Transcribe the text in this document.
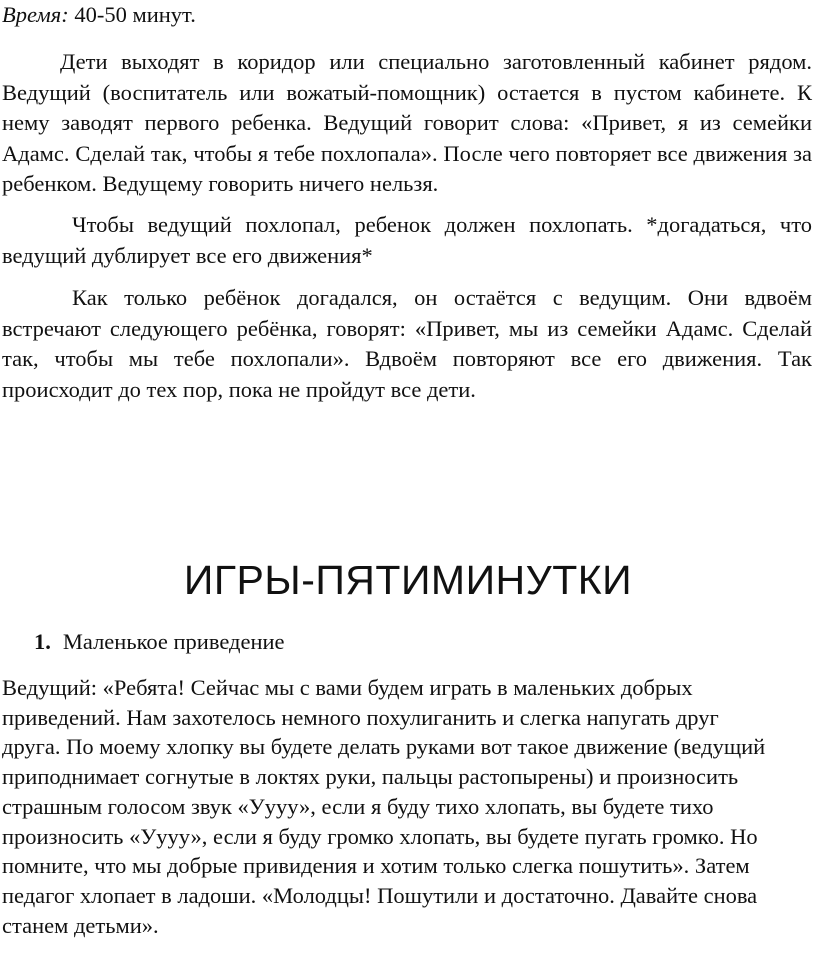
Время: 40-50 минут.

Дети выходят в коридор или специально заготовленный кабинет рядом. Ведущий (воспитатель или вожатый-помощник) остается в пустом кабинете. К нему заводят первого ребенка. Ведущий говорит слова: «Привет, я из семейки Адамс. Сделай так, чтобы я тебе похлопала». После чего повторяет все движения за ребенком. Ведущему говорить ничего нельзя.

Чтобы ведущий похлопал, ребенок должен похлопать. *догадаться, что ведущий дублирует все его движения*

Как только ребёнок догадался, он остаётся с ведущим. Они вдвоём встречают следующего ребёнка, говорят: «Привет, мы из семейки Адамс. Сделай так, чтобы мы тебе похлопали». Вдвоём повторяют все его движения. Так происходит до тех пор, пока не пройдут все дети.

ИГРЫ-ПЯТИМИНУТКИ
1. Маленькое приведение

Ведущий: «Ребята! Сейчас мы с вами будем играть в маленьких добрых приведений. Нам захотелось немного похулиганить и слегка напугать друг друга. По моему хлопку вы будете делать руками вот такое движение (ведущий приподнимает согнутые в локтях руки, пальцы растопырены) и произносить страшным голосом звук «Уууу», если я буду тихо хлопать, вы будете тихо произносить «Уууу», если я буду громко хлопать, вы будете пугать громко. Но помните, что мы добрые привидения и хотим только слегка пошутить». Затем педагог хлопает в ладоши. «Молодцы! Пошутили и достаточно. Давайте снова станем детьми».
